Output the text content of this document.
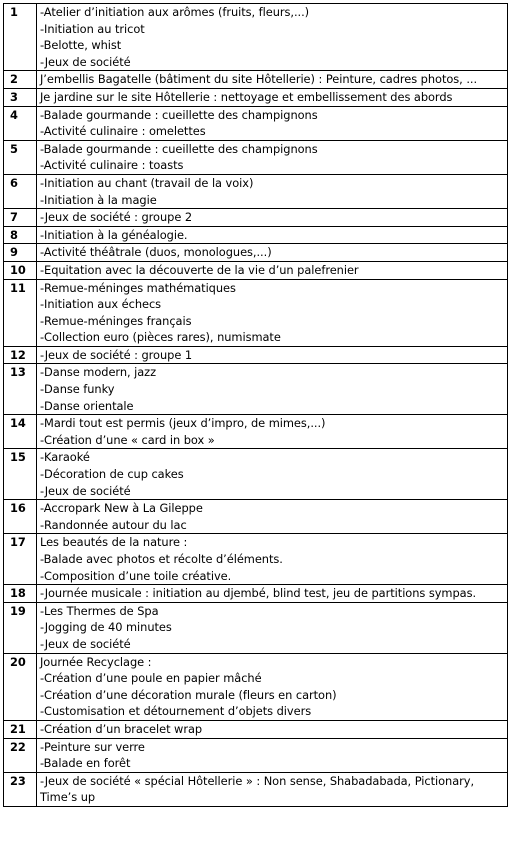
1	-Atelier d’initiation aux arômes (fruits, fleurs,...)
-Initiation au tricot
-Belotte, whist
-Jeux de société

2	J’embellis Bagatelle (bâtiment du site Hôtellerie) : Peinture, cadres photos, ...

3	Je jardine sur le site Hôtellerie : nettoyage et embellissement des abords

4	-Balade gourmande : cueillette des champignons
-Activité culinaire : omelettes

5	-Balade gourmande : cueillette des champignons
-Activité culinaire : toasts

6	-Initiation au chant (travail de la voix)
-Initiation à la magie

7	-Jeux de société : groupe 2

8	-Initiation à la généalogie.

9	-Activité théâtrale (duos, monologues,...)

10	-Equitation avec la découverte de la vie d’un palefrenier

11	-Remue-méninges mathématiques
-Initiation aux échecs
-Remue-méninges français
-Collection euro (pièces rares), numismate

12	-Jeux de société : groupe 1

13	-Danse modern, jazz
-Danse funky
-Danse orientale

14	-Mardi tout est permis (jeux d’impro, de mimes,...)
-Création d’une « card in box »

15	-Karaoké
-Décoration de cup cakes
-Jeux de société

16	-Accropark New à La Gileppe
-Randonnée autour du lac

17	Les beautés de la nature :
-Balade avec photos et récolte d’éléments.
-Composition d’une toile créative.

18	-Journée musicale : initiation au djembé, blind test, jeu de partitions sympas.

19	-Les Thermes de Spa
-Jogging de 40 minutes
-Jeux de société

20	Journée Recyclage :
-Création d’une poule en papier mâché
-Création d’une décoration murale (fleurs en carton)
-Customisation et détournement d’objets divers

21	-Création d’un bracelet wrap

22	-Peinture sur verre
-Balade en forêt

23	-Jeux de société « spécial Hôtellerie » : Non sense, Shabadabada, Pictionary, Time’s up
